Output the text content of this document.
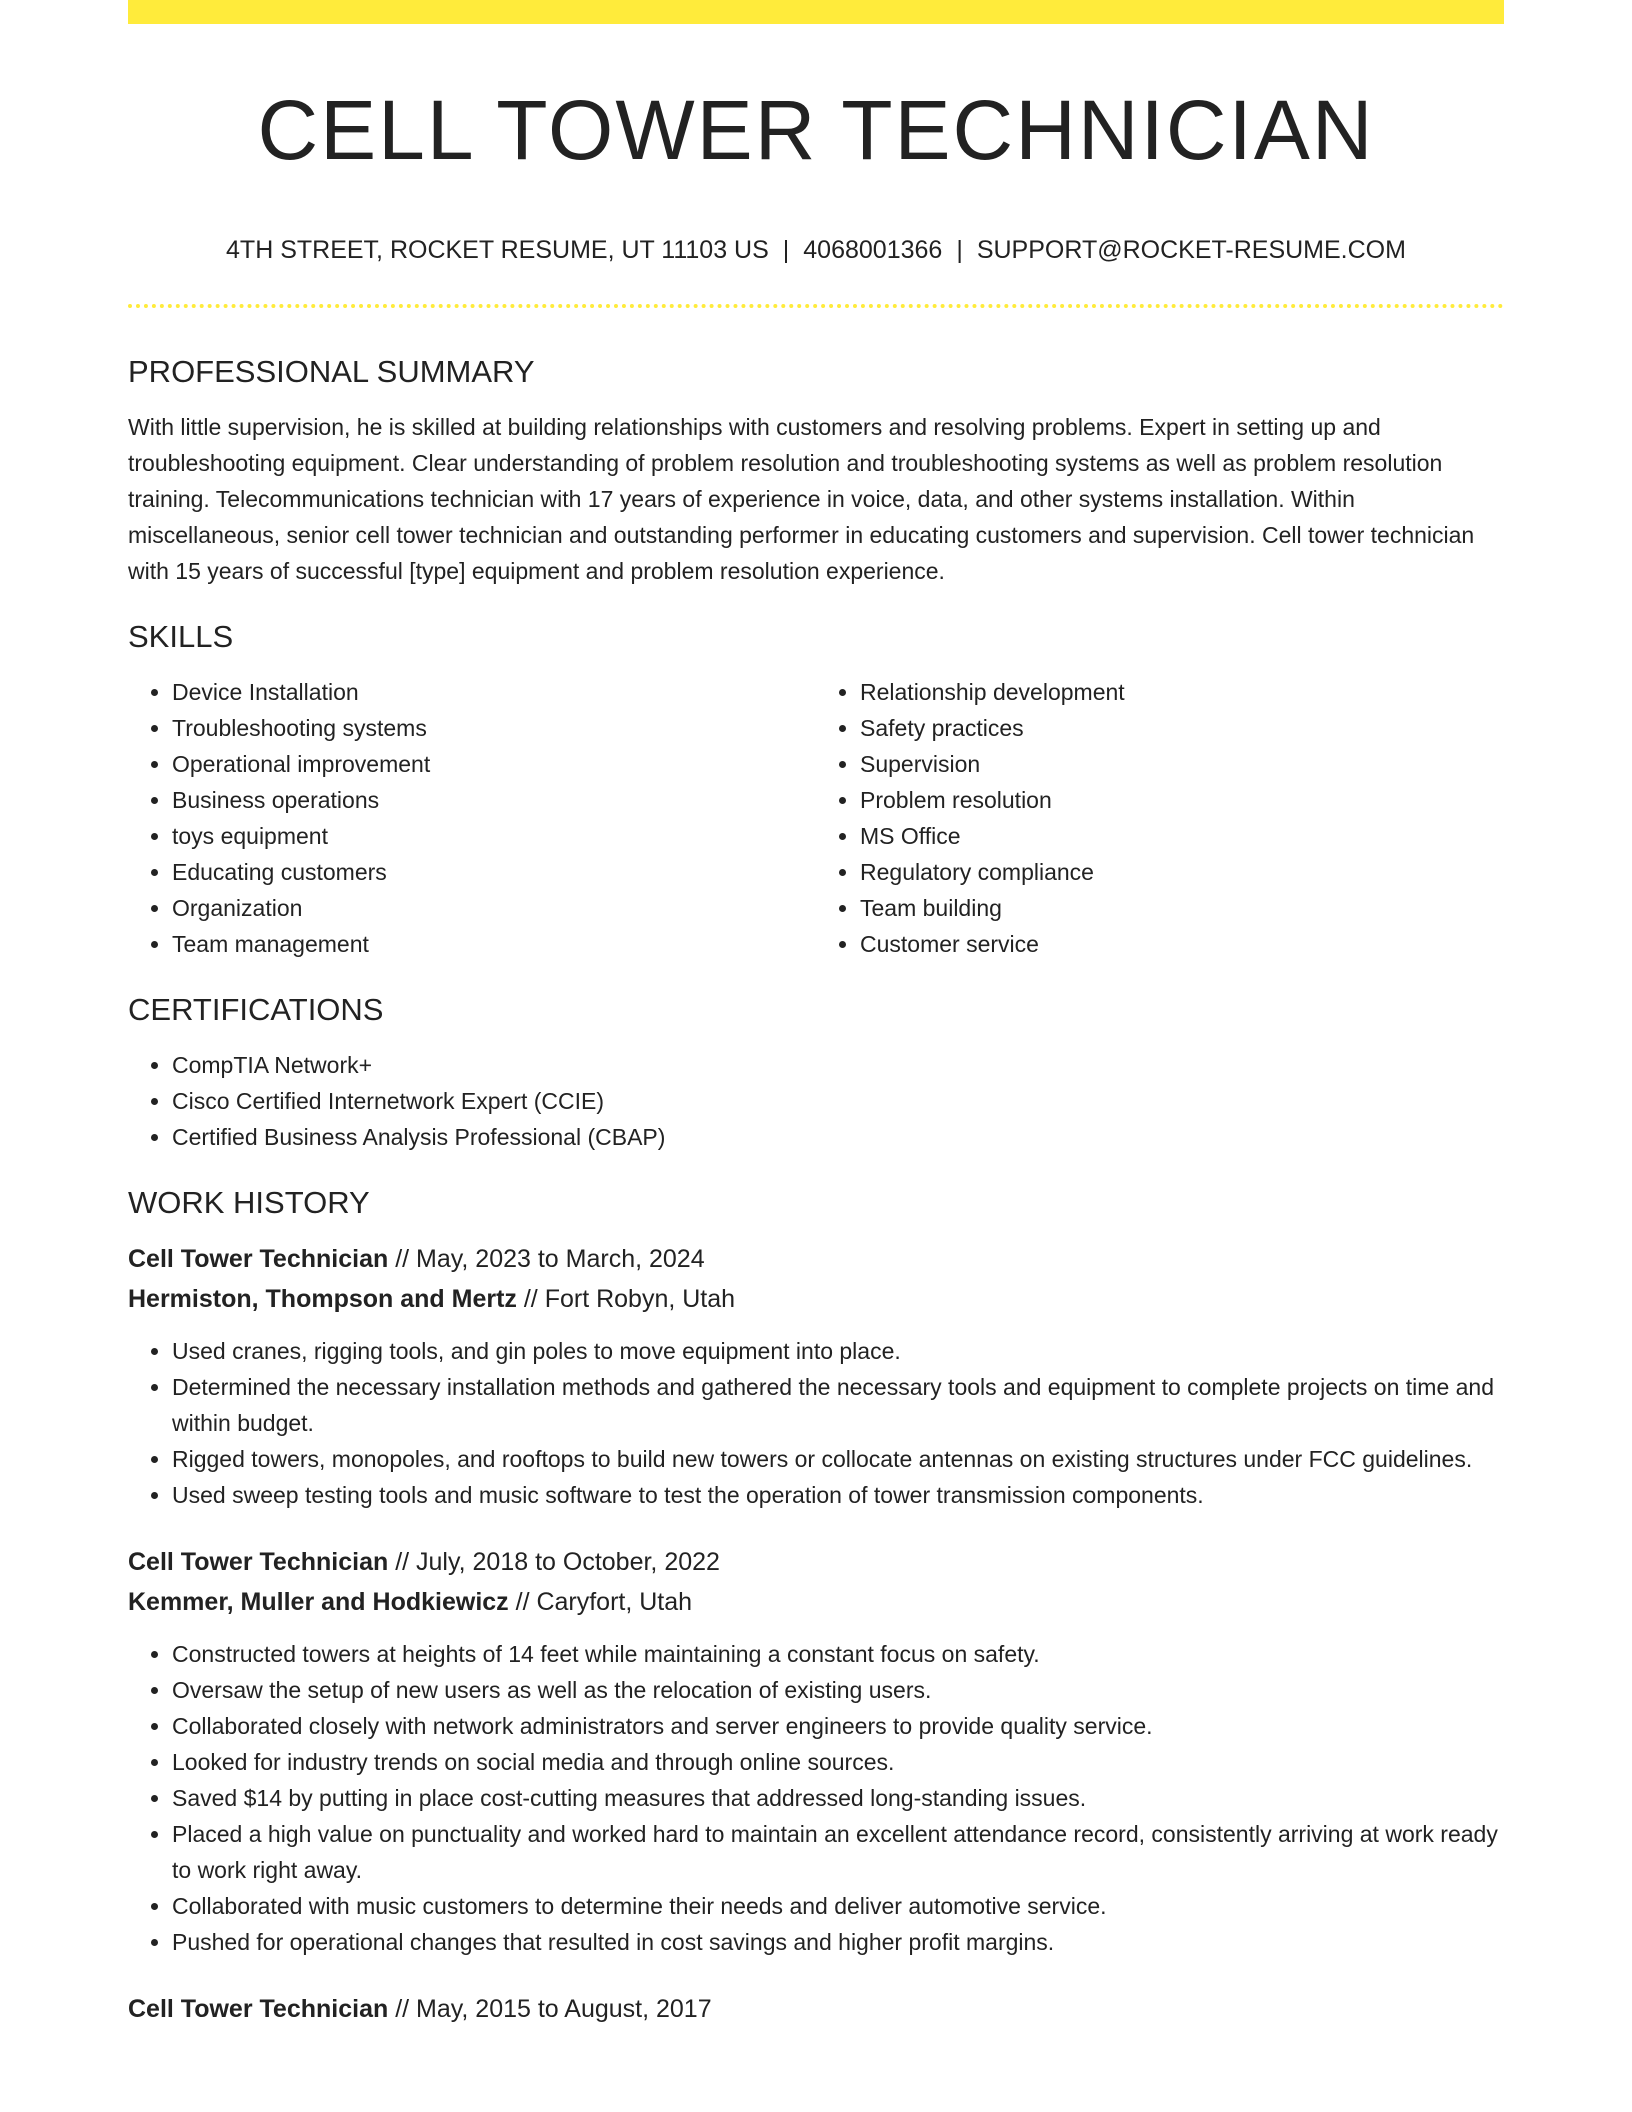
CELL TOWER TECHNICIAN
4TH STREET, ROCKET RESUME, UT 11103 US | 4068001366 | SUPPORT@ROCKET-RESUME.COM
PROFESSIONAL SUMMARY

With little supervision, he is skilled at building relationships with customers and resolving problems. Expert in setting up and troubleshooting equipment. Clear understanding of problem resolution and troubleshooting systems as well as problem resolution training. Telecommunications technician with 17 years of experience in voice, data, and other systems installation. Within miscellaneous, senior cell tower technician and outstanding performer in educating customers and supervision. Cell tower technician with 15 years of successful [type] equipment and problem resolution experience.

SKILLS
• Device Installation
• Troubleshooting systems
• Operational improvement
• Business operations
• toys equipment
• Educating customers
• Organization
• Team management
• Relationship development
• Safety practices
• Supervision
• Problem resolution
• MS Office
• Regulatory compliance
• Team building
• Customer service
CERTIFICATIONS
• CompTIA Network+
• Cisco Certified Internetwork Expert (CCIE)
• Certified Business Analysis Professional (CBAP)
WORK HISTORY
Cell Tower Technician // May, 2023 to March, 2024
Hermiston, Thompson and Mertz // Fort Robyn, Utah
• Used cranes, rigging tools, and gin poles to move equipment into place.
• Determined the necessary installation methods and gathered the necessary tools and equipment to complete projects on time and within budget.
• Rigged towers, monopoles, and rooftops to build new towers or collocate antennas on existing structures under FCC guidelines.
• Used sweep testing tools and music software to test the operation of tower transmission components.
Cell Tower Technician // July, 2018 to October, 2022
Kemmer, Muller and Hodkiewicz // Caryfort, Utah
• Constructed towers at heights of 14 feet while maintaining a constant focus on safety.
• Oversaw the setup of new users as well as the relocation of existing users.
• Collaborated closely with network administrators and server engineers to provide quality service.
• Looked for industry trends on social media and through online sources.
• Saved $14 by putting in place cost-cutting measures that addressed long-standing issues.
• Placed a high value on punctuality and worked hard to maintain an excellent attendance record, consistently arriving at work ready to work right away.
• Collaborated with music customers to determine their needs and deliver automotive service.
• Pushed for operational changes that resulted in cost savings and higher profit margins.
Cell Tower Technician // May, 2015 to August, 2017
